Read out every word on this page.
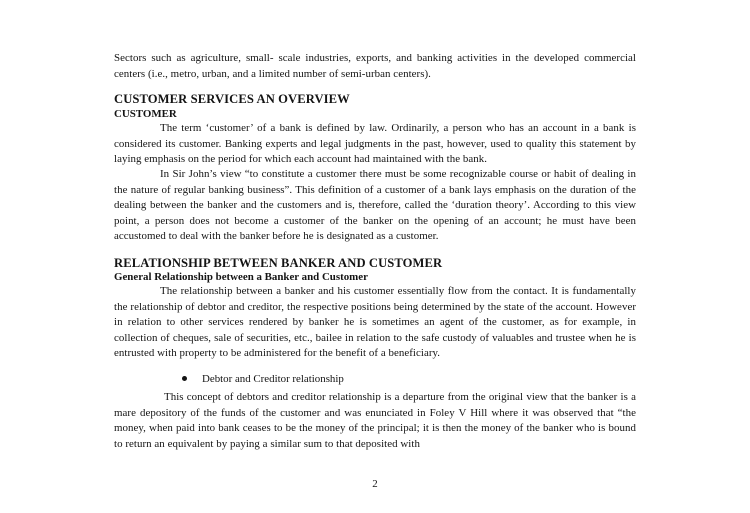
Sectors such as agriculture, small- scale industries, exports, and banking activities in the developed commercial centers (i.e., metro, urban, and a limited number of semi-urban centers).

CUSTOMER SERVICES AN OVERVIEW
CUSTOMER

The term ‘customer’ of a bank is defined by law. Ordinarily, a person who has an account in a bank is considered its customer. Banking experts and legal judgments in the past, however, used to quality this statement by laying emphasis on the period for which each account had maintained with the bank.

In Sir John’s view “to constitute a customer there must be some recognizable course or habit of dealing in the nature of regular banking business”. This definition of a customer of a bank lays emphasis on the duration of the dealing between the banker and the customers and is, therefore, called the ‘duration theory’. According to this view point, a person does not become a customer of the banker on the opening of an account; he must have been accustomed to deal with the banker before he is designated as a customer.

RELATIONSHIP BETWEEN BANKER AND CUSTOMER
General Relationship between a Banker and Customer

The relationship between a banker and his customer essentially flow from the contact. It is fundamentally the relationship of debtor and creditor, the respective positions being determined by the state of the account. However in relation to other services rendered by banker he is sometimes an agent of the customer, as for example, in collection of cheques, sale of securities, etc., bailee in relation to the safe custody of valuables and trustee when he is entrusted with property to be administered for the benefit of a beneficiary.

Debtor and Creditor relationship

This concept of debtors and creditor relationship is a departure from the original view that the banker is a mare depository of the funds of the customer and was enunciated in Foley V Hill where it was observed that “the money, when paid into bank ceases to be the money of the principal; it is then the money of the banker who is bound to return an equivalent by paying a similar sum to that deposited with

2
